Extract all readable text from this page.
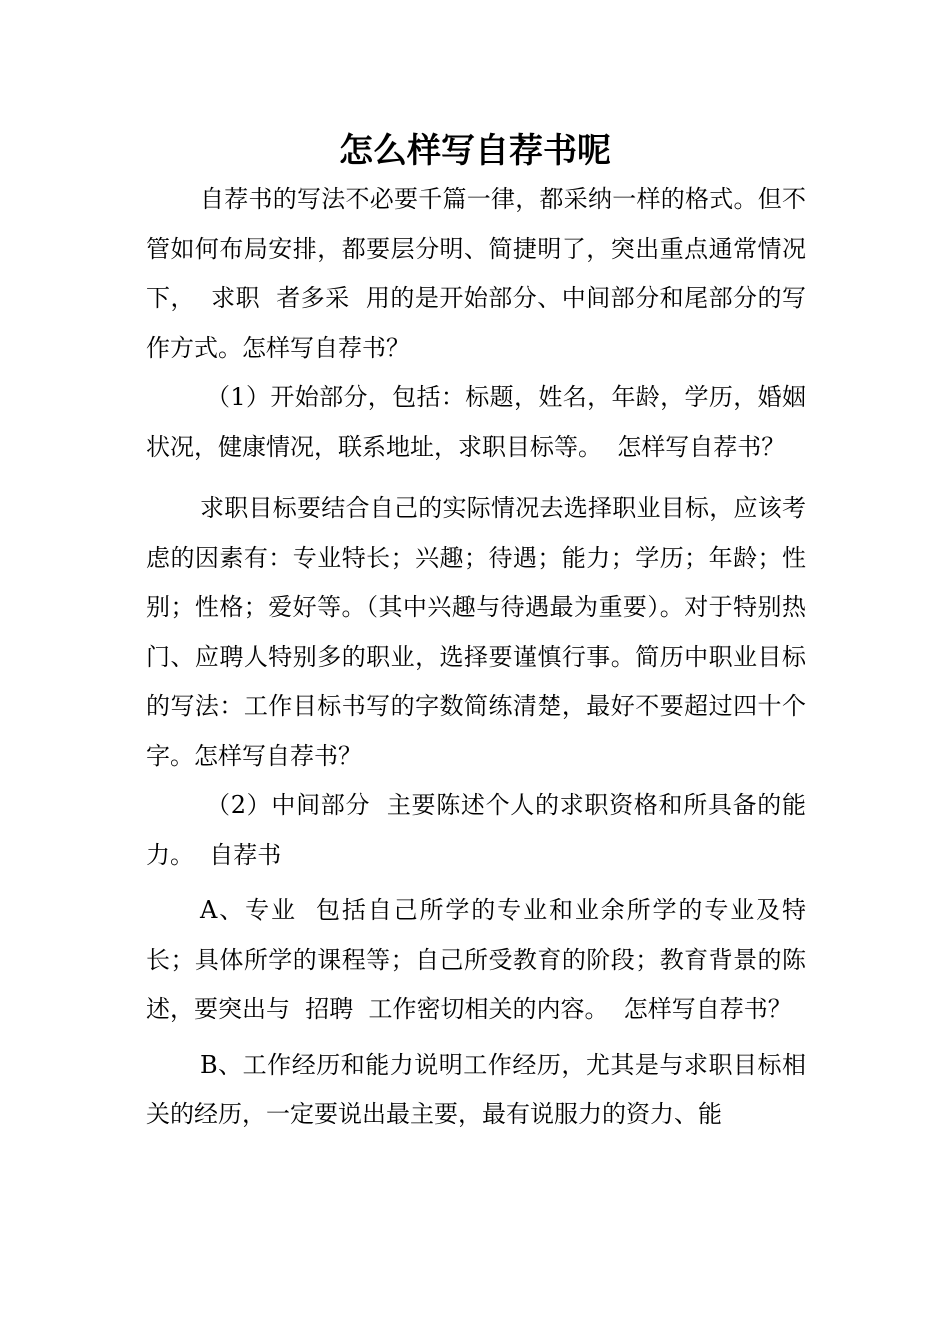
怎么样写自荐书呢

自荐书的写法不必要千篇一律，都采纳一样的格式。但不管如何布局安排，都要层分明、简捷明了，突出重点通常情况下，  求职  者多采  用的是开始部分、中间部分和尾部分的写作方式。怎样写自荐书？

（1）开始部分，包括：标题，姓名，年龄，学历，婚姻状况，健康情况，联系地址，求职目标等。  怎样写自荐书？

求职目标要结合自己的实际情况去选择职业目标，应该考虑的因素有：专业特长；兴趣；待遇；能力；学历；年龄；性别；性格；爱好等。（其中兴趣与待遇最为重要）。对于特别热门、应聘人特别多的职业，选择要谨慎行事。简历中职业目标的写法：工作目标书写的字数简练清楚，最好不要超过四十个字。怎样写自荐书？

（2）中间部分  主要陈述个人的求职资格和所具备的能力。  自荐书

A、专业  包括自己所学的专业和业余所学的专业及特长；具体所学的课程等；自己所受教育的阶段；教育背景的陈述，要突出与  招聘  工作密切相关的内容。  怎样写自荐书？

B、工作经历和能力说明工作经历，尤其是与求职目标相关的经历，一定要说出最主要，最有说服力的资力、能
